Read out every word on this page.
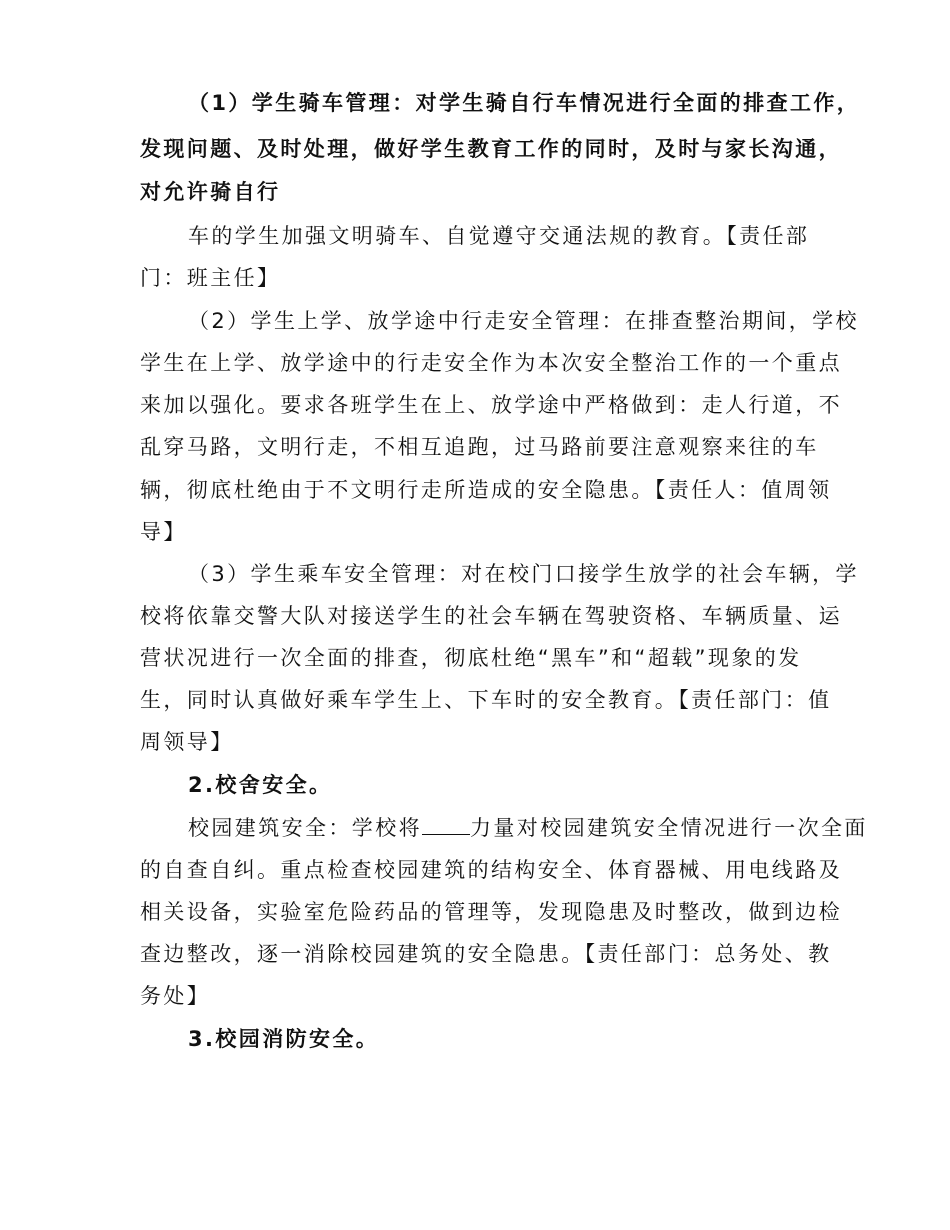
（1）学生骑车管理：对学生骑自行车情况进行全面的排查工作，
发现问题、及时处理，做好学生教育工作的同时，及时与家长沟通，
对允许骑自行
车的学生加强文明骑车、自觉遵守交通法规的教育。【责任部
门：班主任】
（2）学生上学、放学途中行走安全管理：在排查整治期间，学校
学生在上学、放学途中的行走安全作为本次安全整治工作的一个重点
来加以强化。要求各班学生在上、放学途中严格做到：走人行道，不
乱穿马路，文明行走，不相互追跑，过马路前要注意观察来往的车
辆，彻底杜绝由于不文明行走所造成的安全隐患。【责任人：值周领
导】
（3）学生乘车安全管理：对在校门口接学生放学的社会车辆，学
校将依靠交警大队对接送学生的社会车辆在驾驶资格、车辆质量、运
营状况进行一次全面的排查，彻底杜绝“黑车”和“超载”现象的发
生，同时认真做好乘车学生上、下车时的安全教育。【责任部门：值
周领导】
2.校舍安全。
校园建筑安全：学校将 力量对校园建筑安全情况进行一次全面
的自查自纠。重点检查校园建筑的结构安全、体育器械、用电线路及
相关设备，实验室危险药品的管理等，发现隐患及时整改，做到边检
查边整改，逐一消除校园建筑的安全隐患。【责任部门：总务处、教
务处】
3.校园消防安全。
